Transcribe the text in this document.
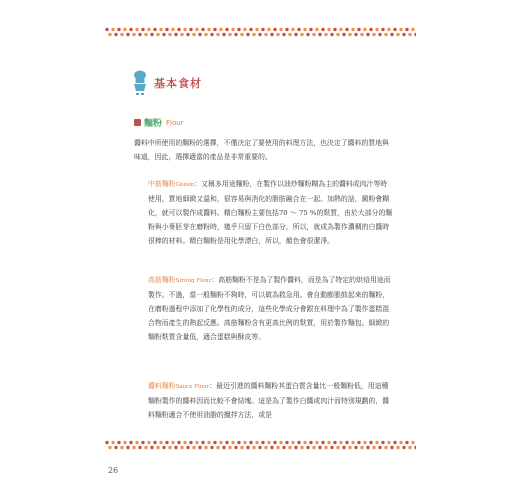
基本食材
麵粉 Flour
醬料中所使用的麵粉的選擇，不僅決定了要使用的料理方法，也決定了醬料的質地與味道，因此，選擇適當的產品是非常重要的。
中筋麵粉Gluten：又稱多用途麵粉，在製作以油炒麵粉糊為主的醬料或肉汁等時使用，質地細緻又溫和，很容易與消化的脂肪融合在一起。加熱的話，澱粉會糊化，就可以製作成醬料。精白麵粉主要包括70 ～ 75 %的麩質，由於大部分的麵粉與小麥胚芽在磨粉時，幾乎只留下白色部分，所以，就成為製作濃稠的白醬時很棒的材料。精白麵粉是用化學漂白，所以，顏色會很潔淨。
高筋麵粉Strong Flour：高筋麵粉不是為了製作醬料，而是為了特定的烘焙用途而製作。不過，當一般麵粉不夠時，可以做為救急用。會自動膨脹鼓起來的麵粉，在磨粉過程中添加了化學性的成分，這些化學成分會跟在料理中為了製作蛋糕混合物而產生的熱起反應。高筋麵粉含有更高比例的麩質，用於製作麵包。細緻的麵粉麩質含量低，適合蛋糕與酥皮等。
醬料麵粉Sauce Flour：最近引進的醬料麵粉其蛋白質含量比一般麵粉低，用這種麵粉製作的醬料因而比較不會結塊。這是為了製作白醬或肉汁而特別規劃的，醬料麵粉適合不使用油脂的攪拌方法，或是
26
